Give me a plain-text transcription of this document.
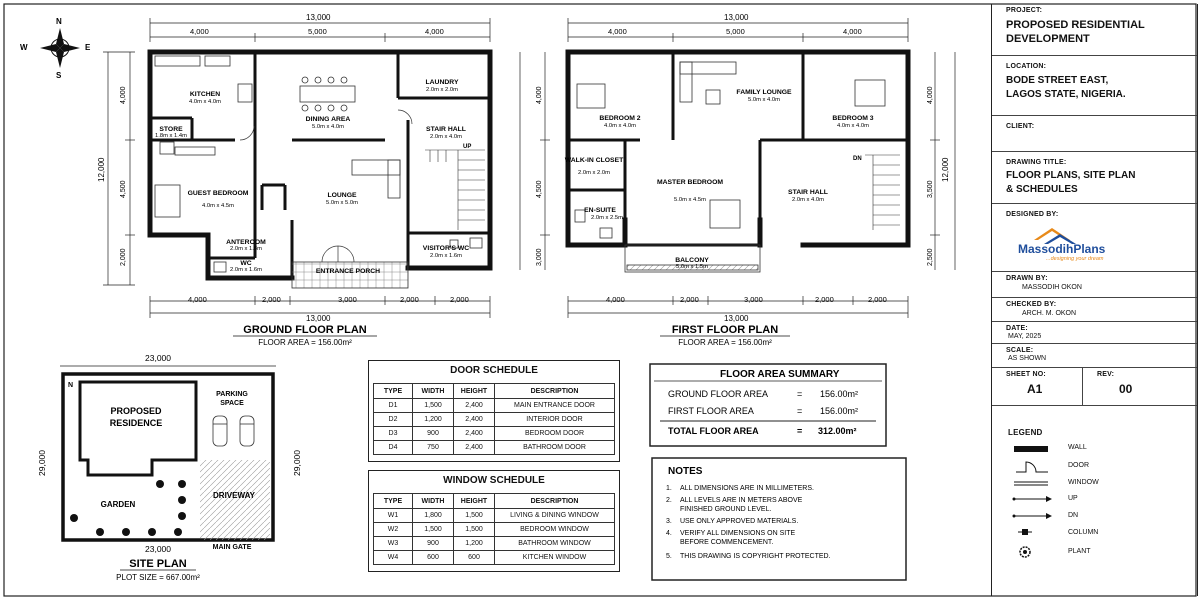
N
S
E
W
13,000
4,000	5,000	4,000
4,000	2,000	3,000	2,000	2,000
13,000
12,000
4,000
4,500
2,000
UP
KITCHEN
STORE
DINING AREA
LAUNDRY
STAIR HALL
GUEST BEDROOM	LOUNGE
ANTEROOM
WC
VISITOR'S WC
ENTRANCE PORCH
4.0m x 4.0m
1.8m x 1.4m
5.0m x 4.0m
2.0m x 2.0m
2.0m x 4.0m
4.0m x 4.5m	5.0m x 5.0m
2.0m x 1.8m
2.0m x 1.6m
2.0m x 1.6m
GROUND FLOOR PLAN
FLOOR AREA = 156.00m²
13,000
4,000	5,000	4,000
4,000	2,000	3,000	2,000	2,000
13,000
4,000
4,500
3,000
12,000
4,000
3,500
2,500
DN
BEDROOM 2
FAMILY LOUNGE
BEDROOM 3
WALK-IN CLOSET
MASTER BEDROOM
EN-SUITE
STAIR HALL
BALCONY
4.0m x 4.0m
5.0m x 4.0m
4.0m x 4.0m
2.0m x 2.0m
5.0m x 4.5m
2.0m x 2.5m
2.0m x 4.0m
5.0m x 1.5m
FIRST FLOOR PLAN
FLOOR AREA = 156.00m²
23,000
29,000	29,000
N
PROPOSED
RESIDENCE
PARKING
SPACE
DRIVEWAY
GARDEN
23,000	MAIN GATE
SITE PLAN
PLOT SIZE = 667.00m²
FLOOR AREA SUMMARY
GROUND FLOOR AREA	= 156.00m²
FIRST FLOOR AREA	= 156.00m²
TOTAL FLOOR AREA	= 312.00m²
NOTES
1. ALL DIMENSIONS ARE IN MILLIMETERS.
2. ALL LEVELS ARE IN METERS ABOVE
FINISHED GROUND LEVEL.
3. USE ONLY APPROVED MATERIALS.
4. VERIFY ALL DIMENSIONS ON SITE
BEFORE COMMENCEMENT.
5. THIS DRAWING IS COPYRIGHT PROTECTED.
DOOR SCHEDULE
TYPE	WIDTH	HEIGHT	DESCRIPTION
D1	1,500	2,400	MAIN ENTRANCE DOOR
D2	1,200	2,400	INTERIOR DOOR
D3	900	2,400	BEDROOM DOOR
D4	750	2,400	BATHROOM DOOR
WINDOW SCHEDULE
TYPE	WIDTH	HEIGHT	DESCRIPTION
W1	1,800	1,500	LIVING & DINING WINDOW
W2	1,500	1,500	BEDROOM WINDOW
W3	900	1,200	BATHROOM WINDOW
W4	600	600	KITCHEN WINDOW
PROJECT:
PROPOSED RESIDENTIAL
DEVELOPMENT
LOCATION:
BODE STREET EAST,
LAGOS STATE, NIGERIA.
CLIENT:
DRAWING TITLE:
FLOOR PLANS, SITE PLAN
& SCHEDULES
DESIGNED BY:
MassodihPlans
...designing your dream
DRAWN BY:
MASSODIH OKON
CHECKED BY:
ARCH. M. OKON
DATE:
MAY, 2025
SCALE:
AS SHOWN
SHEET NO:
A1
REV:
00
LEGEND
WALL
DOOR
WINDOW
UP
DN
COLUMN
PLANT
